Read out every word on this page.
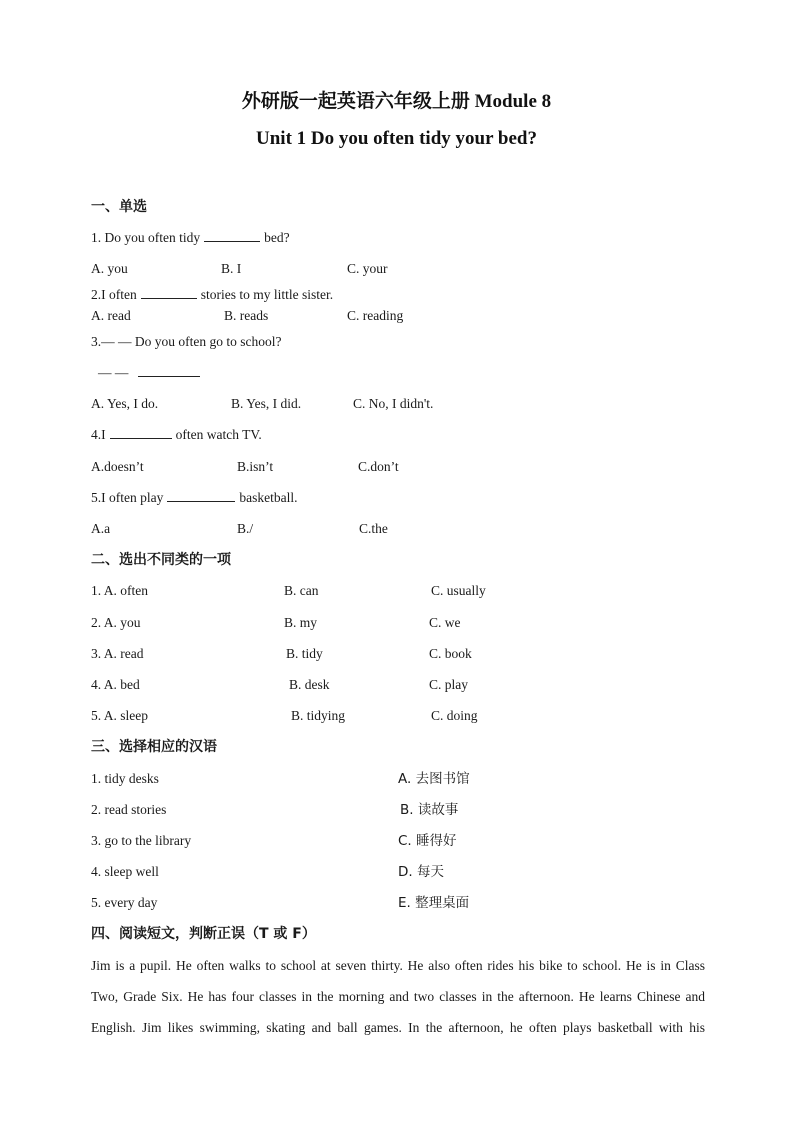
外研版一起英语六年级上册 Module 8
Unit 1 Do you often tidy your bed?
一、单选
1. Do you often tidy	bed?
A. you	B. I	C. your
2.I often	stories to my little sister.
A. read	B. reads	C. reading
3.— — Do you often go to school?
— —
A. Yes, I do.	B. Yes, I did.	C. No, I didn't.
4.I	often watch TV.
A.doesn’t	B.isn’t	C.don’t
5.I often play	basketball.
A.a	B./	C.the
二、选出不同类的一项
1. A. often	B. can	C. usually
2. A. you	B. my	C. we
3. A. read	B. tidy	C. book
4. A. bed	B. desk	C. play
5. A. sleep	B. tidying	C. doing
三、选择相应的汉语
1. tidy desks	A. 去图书馆
2. read stories	B. 读故事
3. go to the library	C. 睡得好
4. sleep well	D. 每天
5. every day	E. 整理桌面
四、阅读短文，判断正误（T 或 F）
Jim is a pupil. He often walks to school at seven thirty. He also often rides his bike to school. He is in Class
Two, Grade Six. He has four classes in the morning and two classes in the afternoon. He learns Chinese and
English. Jim likes swimming, skating and ball games. In the afternoon, he often plays basketball with his
